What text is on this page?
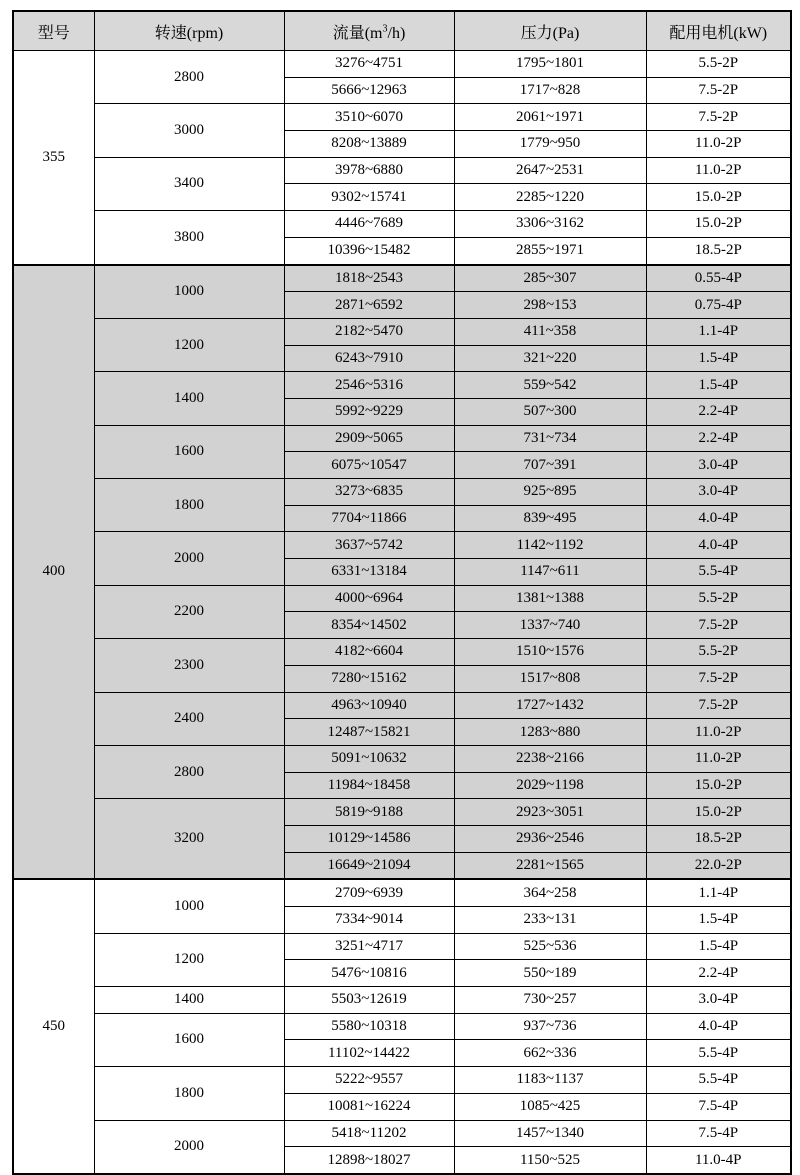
型号	转速(rpm)	流量$(m^3/h)$	压力(Pa)	配用电机(kW)
355	2800	3276~4751	1795~1801	5.5-2P
		5666~12963	1717~828	7.5-2P
	3000	3510~6070	2061~1971	7.5-2P
		8208~13889	1779~950	11.0-2P
	3400	3978~6880	2647~2531	11.0-2P
		9302~15741	2285~1220	15.0-2P
	3800	4446~7689	3306~3162	15.0-2P
		10396~15482	2855~1971	18.5-2P
400	1000	1818~2543	285~307	0.55-4P
		2871~6592	298~153	0.75-4P
	1200	2182~5470	411~358	1.1-4P
		6243~7910	321~220	1.5-4P
	1400	2546~5316	559~542	1.5-4P
		5992~9229	507~300	2.2-4P
	1600	2909~5065	731~734	2.2-4P
		6075~10547	707~391	3.0-4P
	1800	3273~6835	925~895	3.0-4P
		7704~11866	839~495	4.0-4P
	2000	3637~5742	1142~1192	4.0-4P
		6331~13184	1147~611	5.5-4P
	2200	4000~6964	1381~1388	5.5-2P
		8354~14502	1337~740	7.5-2P
	2300	4182~6604	1510~1576	5.5-2P
		7280~15162	1517~808	7.5-2P
	2400	4963~10940	1727~1432	7.5-2P
		12487~15821	1283~880	11.0-2P
	2800	5091~10632	2238~2166	11.0-2P
		11984~18458	2029~1198	15.0-2P
	3200	5819~9188	2923~3051	15.0-2P
		10129~14586	2936~2546	18.5-2P
		16649~21094	2281~1565	22.0-2P
450	1000	2709~6939	364~258	1.1-4P
		7334~9014	233~131	1.5-4P
	1200	3251~4717	525~536	1.5-4P
		5476~10816	550~189	2.2-4P
	1400	5503~12619	730~257	3.0-4P
	1600	5580~10318	937~736	4.0-4P
		11102~14422	662~336	5.5-4P
	1800	5222~9557	1183~1137	5.5-4P
		10081~16224	1085~425	7.5-4P
	2000	5418~11202	1457~1340	7.5-4P
		12898~18027	1150~525	11.0-4P
